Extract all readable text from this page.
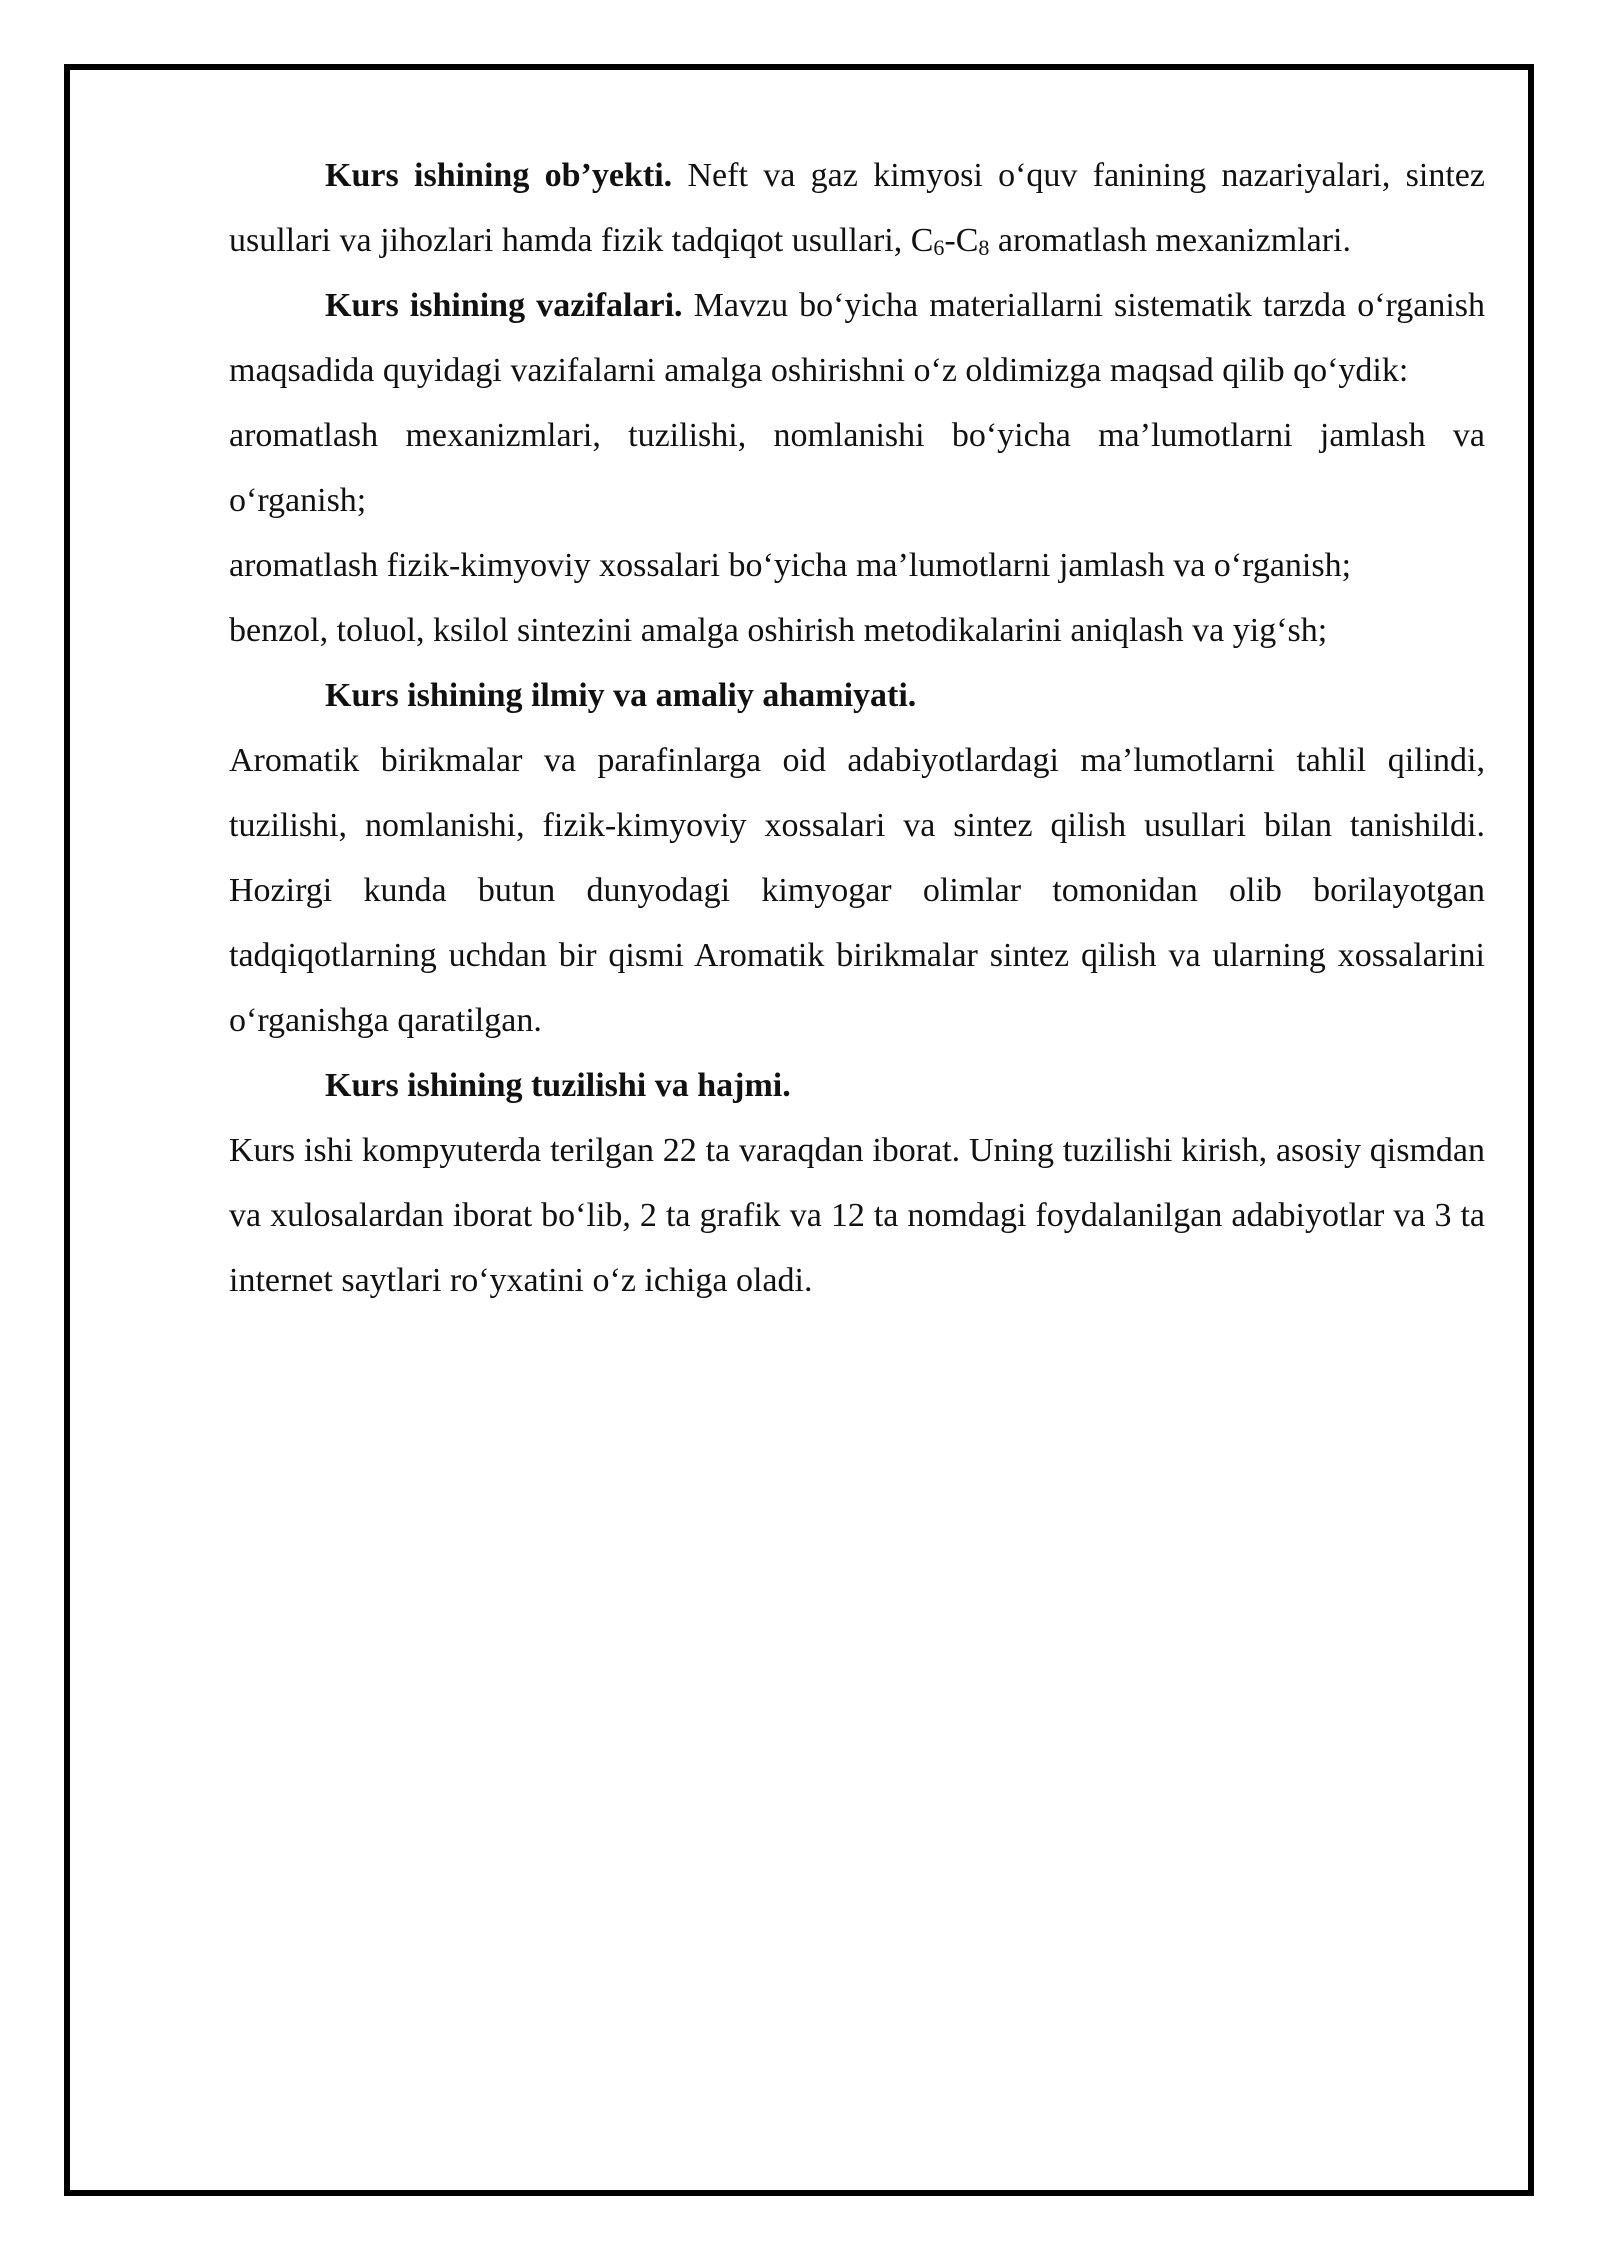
Kurs ishining ob’yekti. Neft va gaz kimyosi o‘quv fanining nazariyalari, sintez usullari va jihozlari hamda fizik tadqiqot usullari, $C_6-C_8$ aromatlash mexanizmlari.

Kurs ishining vazifalari. Mavzu bo‘yicha materiallarni sistematik tarzda o‘rganish maqsadida quyidagi vazifalarni amalga oshirishni o‘z oldimizga maqsad qilib qo‘ydik:

aromatlash mexanizmlari, tuzilishi, nomlanishi bo‘yicha ma’lumotlarni jamlash va o‘rganish;

aromatlash fizik-kimyoviy xossalari bo‘yicha ma’lumotlarni jamlash va o‘rganish;

benzol, toluol, ksilol sintezini amalga oshirish metodikalarini aniqlash va yig‘sh;

Kurs ishining ilmiy va amaliy ahamiyati.

Aromatik birikmalar va parafinlarga oid adabiyotlardagi ma’lumotlarni tahlil qilindi, tuzilishi, nomlanishi, fizik-kimyoviy xossalari va sintez qilish usullari bilan tanishildi. Hozirgi kunda butun dunyodagi kimyogar olimlar tomonidan olib borilayotgan tadqiqotlarning uchdan bir qismi Aromatik birikmalar sintez qilish va ularning xossalarini o‘rganishga qaratilgan.

Kurs ishining tuzilishi va hajmi.

Kurs ishi kompyuterda terilgan 22 ta varaqdan iborat. Uning tuzilishi kirish, asosiy qismdan va xulosalardan iborat bo‘lib, 2 ta grafik va 12 ta nomdagi foydalanilgan adabiyotlar va 3 ta internet saytlari ro‘yxatini o‘z ichiga oladi.
